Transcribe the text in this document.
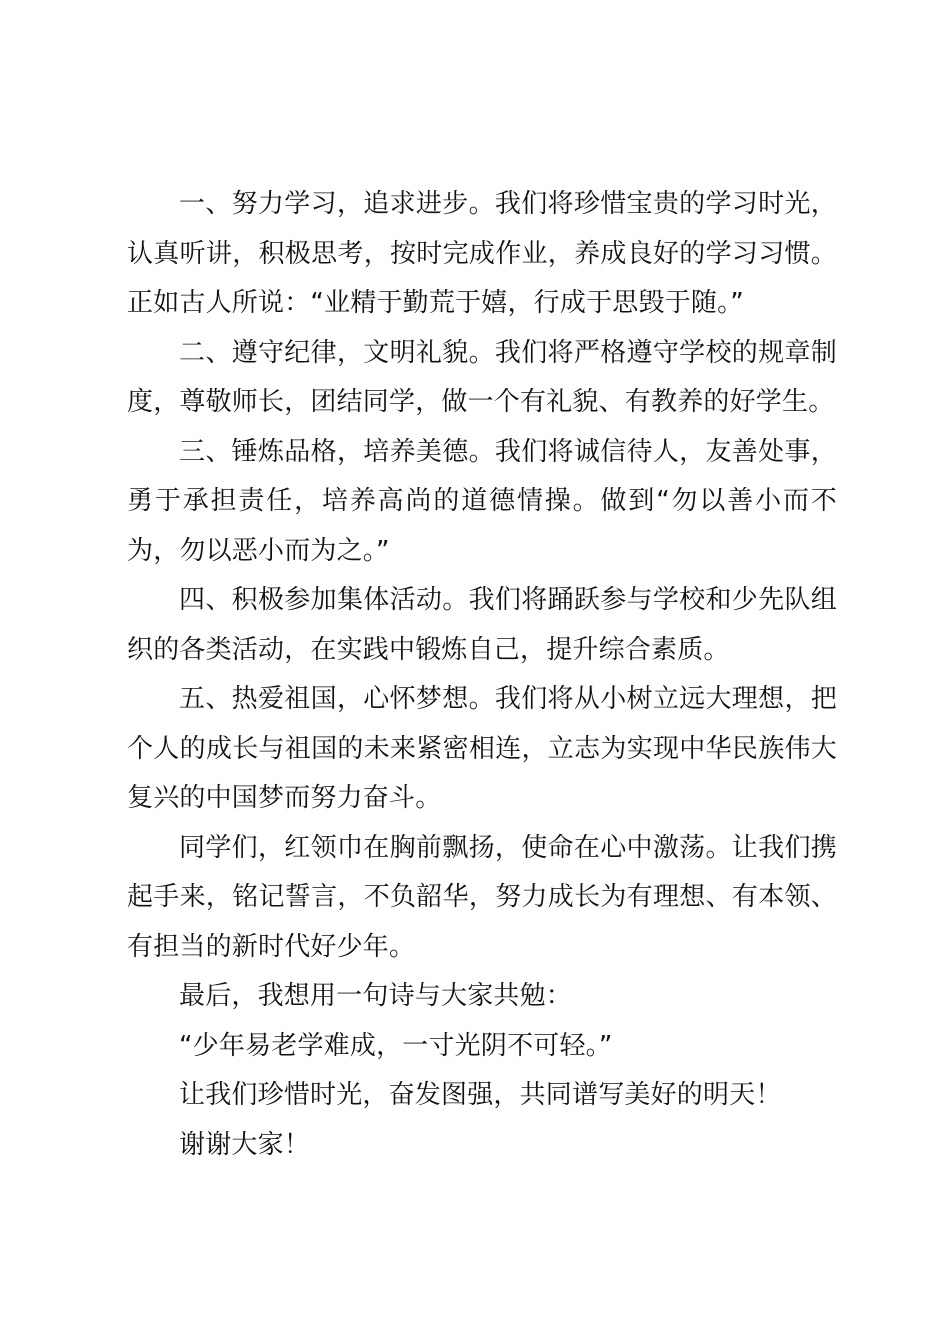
一、努力学习，追求进步。我们将珍惜宝贵的学习时光，认真听讲，积极思考，按时完成作业，养成良好的学习习惯。正如古人所说：“业精于勤荒于嬉，行成于思毁于随。”

二、遵守纪律，文明礼貌。我们将严格遵守学校的规章制度，尊敬师长，团结同学，做一个有礼貌、有教养的好学生。

三、锤炼品格，培养美德。我们将诚信待人，友善处事，勇于承担责任，培养高尚的道德情操。做到“勿以善小而不为，勿以恶小而为之。”

四、积极参加集体活动。我们将踊跃参与学校和少先队组织的各类活动，在实践中锻炼自己，提升综合素质。

五、热爱祖国，心怀梦想。我们将从小树立远大理想，把个人的成长与祖国的未来紧密相连，立志为实现中华民族伟大复兴的中国梦而努力奋斗。

同学们，红领巾在胸前飘扬，使命在心中激荡。让我们携起手来，铭记誓言，不负韶华，努力成长为有理想、有本领、有担当的新时代好少年。

最后，我想用一句诗与大家共勉：

“少年易老学难成，一寸光阴不可轻。”

让我们珍惜时光，奋发图强，共同谱写美好的明天！

谢谢大家！
